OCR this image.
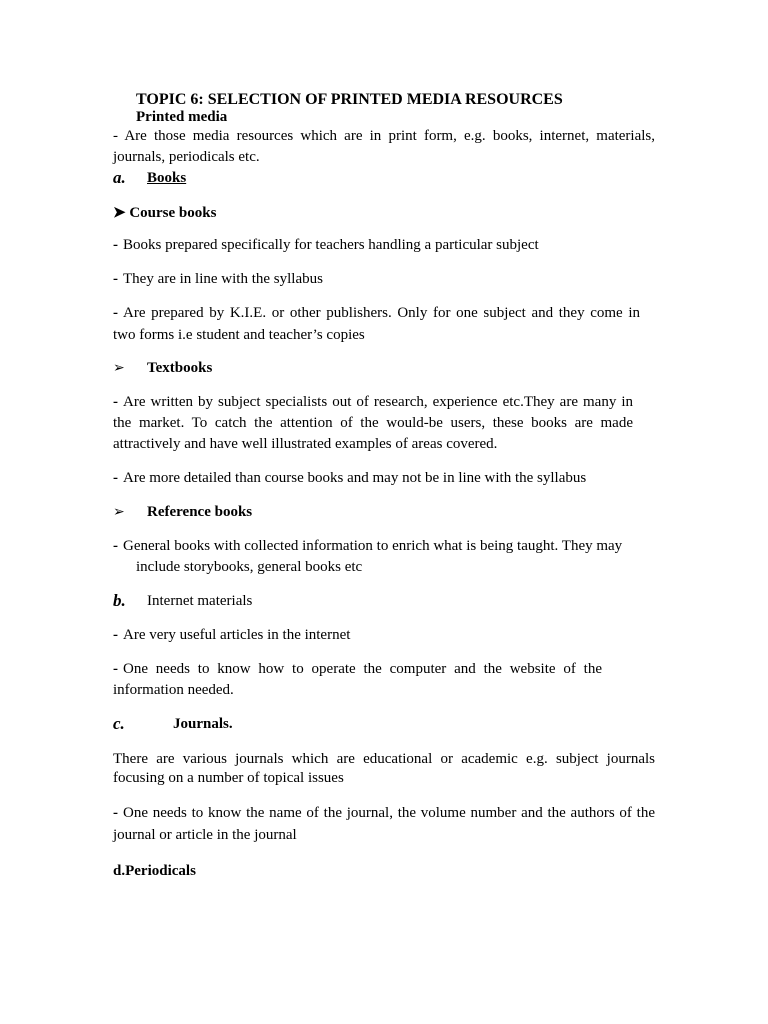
TOPIC 6: SELECTION OF PRINTED MEDIA RESOURCES
Printed media
- Are those media resources which are in print form, e.g. books, internet, materials,
journals, periodicals etc.
a. Books
➤ Course books
- Books prepared specifically for teachers handling a particular subject
- They are in line with the syllabus
- Are prepared by K.I.E. or other publishers. Only for one subject and they come in
two forms i.e student and teacher’s copies
➢ Textbooks
- Are written by subject specialists out of research, experience etc.They are many in
the market. To catch the attention of the would-be users, these books are made
attractively and have well illustrated examples of areas covered.
- Are more detailed than course books and may not be in line with the syllabus
➢ Reference books
- General books with collected information to enrich what is being taught. They may
include storybooks, general books etc
b. Internet materials
- Are very useful articles in the internet
- One needs to know how to operate the computer and the website of the
information needed.
c.	Journals.
There are various journals which are educational or academic e.g. subject journals
focusing on a number of topical issues
- One needs to know the name of the journal, the volume number and the authors of the
journal or article in the journal
d.Periodicals
